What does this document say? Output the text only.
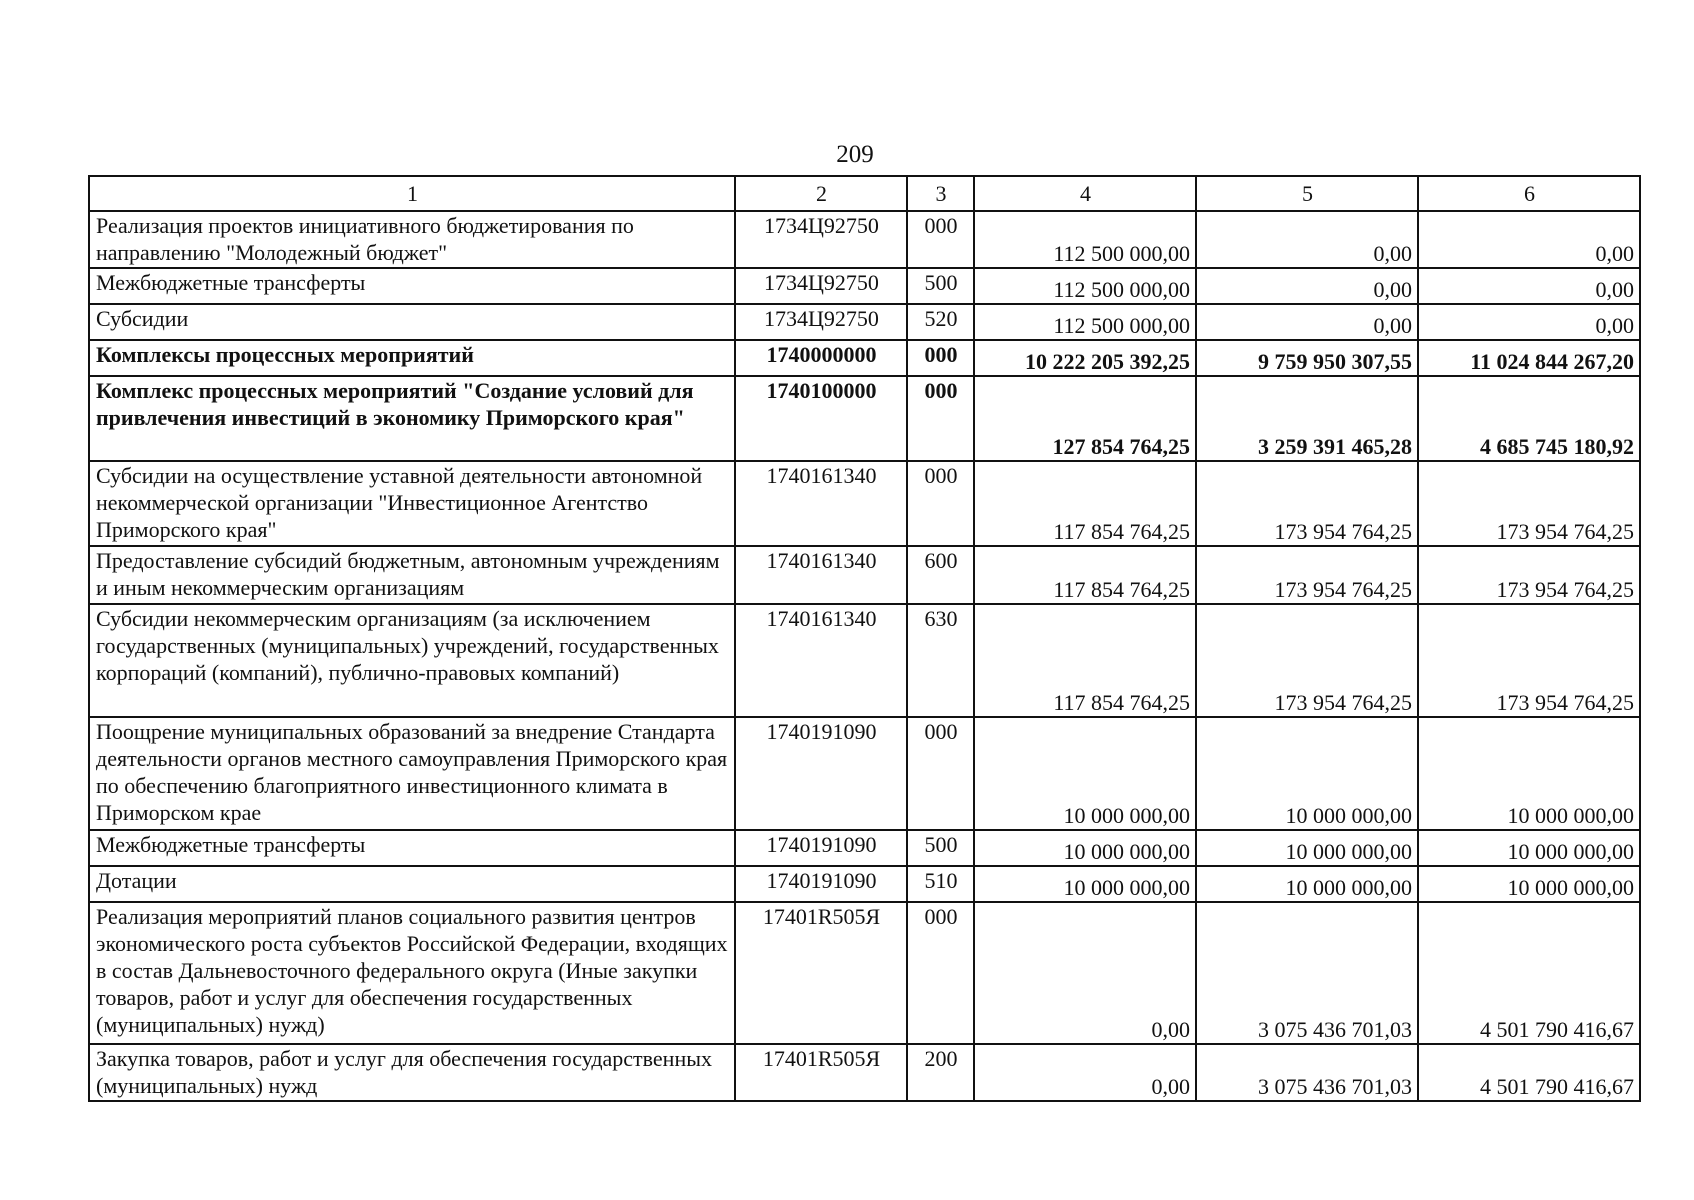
209
1	2	3	4	5	6
Реализация проектов инициативного бюджетирования по направлению "Молодежный бюджет"	1734Ц92750	000	112 500 000,00	0,00	0,00
Межбюджетные трансферты	1734Ц92750	500	112 500 000,00	0,00	0,00
Субсидии	1734Ц92750	520	112 500 000,00	0,00	0,00
Комплексы процессных мероприятий	1740000000	000	10 222 205 392,25	9 759 950 307,55	11 024 844 267,20
Комплекс процессных мероприятий "Создание условий для привлечения инвестиций в экономику Приморского края"	1740100000	000	127 854 764,25	3 259 391 465,28	4 685 745 180,92
Субсидии на осуществление уставной деятельности автономной некоммерческой организации "Инвестиционное Агентство Приморского края"	1740161340	000	117 854 764,25	173 954 764,25	173 954 764,25
Предоставление субсидий бюджетным, автономным учреждениям и иным некоммерческим организациям	1740161340	600	117 854 764,25	173 954 764,25	173 954 764,25
Субсидии некоммерческим организациям (за исключением государственных (муниципальных) учреждений, государственных корпораций (компаний), публично-правовых компаний)	1740161340	630	117 854 764,25	173 954 764,25	173 954 764,25
Поощрение муниципальных образований за внедрение Стандарта деятельности органов местного самоуправления Приморского края по обеспечению благоприятного инвестиционного климата в Приморском крае	1740191090	000	10 000 000,00	10 000 000,00	10 000 000,00
Межбюджетные трансферты	1740191090	500	10 000 000,00	10 000 000,00	10 000 000,00
Дотации	1740191090	510	10 000 000,00	10 000 000,00	10 000 000,00
Реализация мероприятий планов социального развития центров экономического роста субъектов Российской Федерации, входящих в состав Дальневосточного федерального округа (Иные закупки товаров, работ и услуг для обеспечения государственных (муниципальных) нужд)	17401R505Я	000	0,00	3 075 436 701,03	4 501 790 416,67
Закупка товаров, работ и услуг для обеспечения государственных (муниципальных) нужд	17401R505Я	200	0,00	3 075 436 701,03	4 501 790 416,67
